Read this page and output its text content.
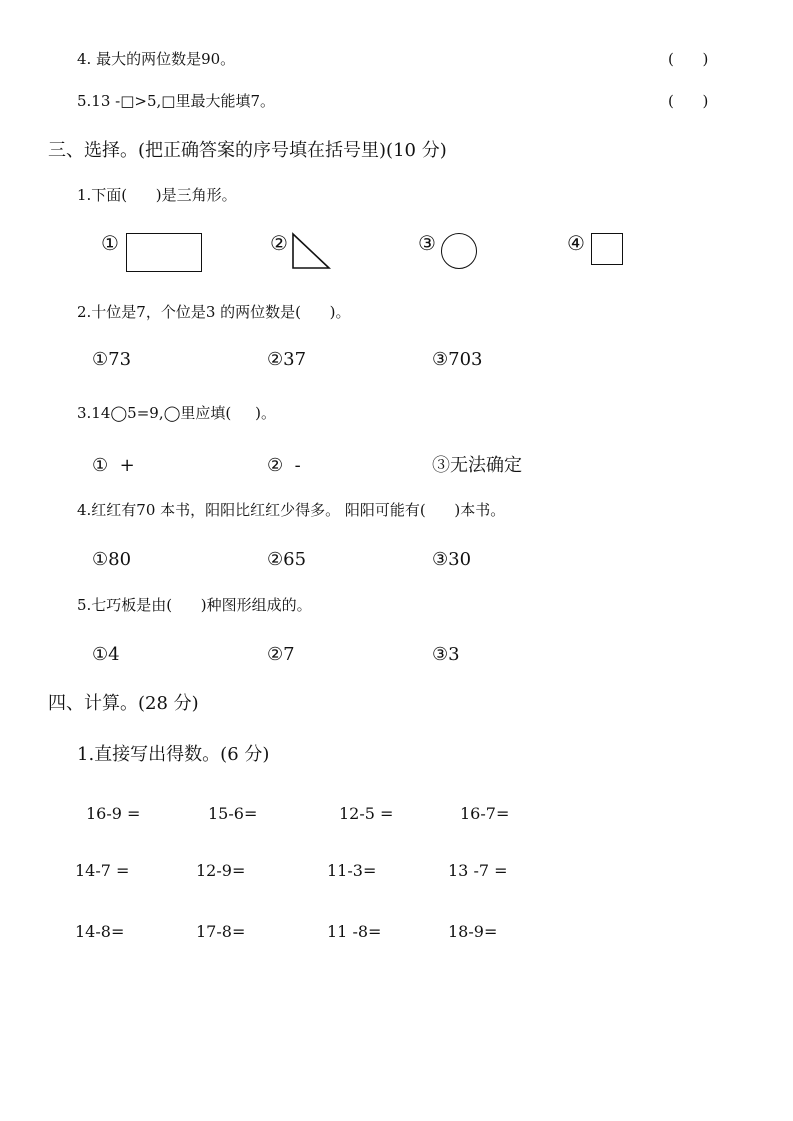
4. 最大的两位数是90。	(      )
5.13 -□>5,□里最大能填7。	(      )
三、选择。(把正确答案的序号填在括号里)(10 分)
1.下面(      )是三角形。
①	②	③	④
2.十位是7，个位是3 的两位数是(      )。
①73	②37	③703
3.14◯5=9,◯里应填(     )。
①  +	②  -	③无法确定
4.红红有70 本书，阳阳比红红少得多。 阳阳可能有(      )本书。
①80	②65	③30
5.七巧板是由(      )种图形组成的。
①4	②7	③3
四、计算。(28 分)
1.直接写出得数。(6 分)
16-9 =	15-6=	12-5 =	16-7=
14-7 =	12-9=	11-3=	13 -7 =
14-8=	17-8=	11 -8=	18-9=
